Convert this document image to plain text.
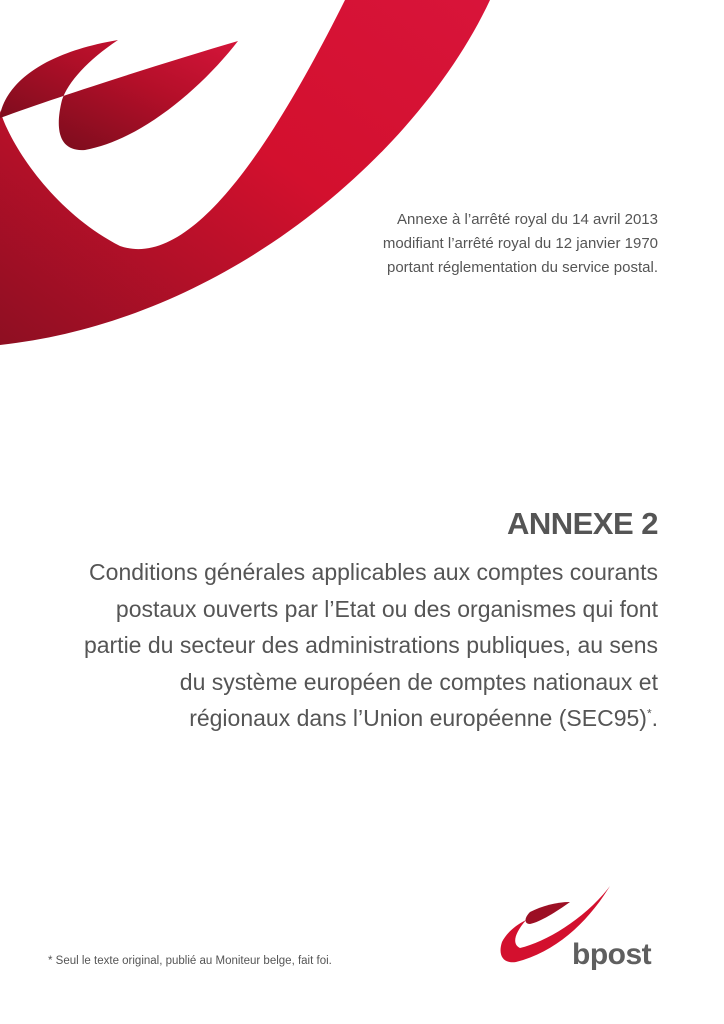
Annexe à l’arrêté royal du 14 avril 2013
modifiant l’arrêté royal du 12 janvier 1970
portant réglementation du service postal.
ANNEXE 2
Conditions générales applicables aux comptes courants
postaux ouverts par l’Etat ou des organismes qui font
partie du secteur des administrations publiques, au sens
du système européen de comptes nationaux et
régionaux dans l’Union européenne (SEC95)*.
* Seul le texte original, publié au Moniteur belge, fait foi.	bpost
